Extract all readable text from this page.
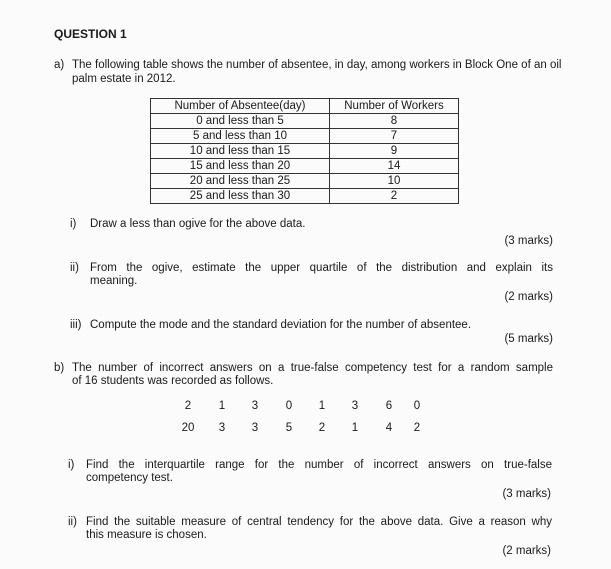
QUESTION 1
a) The following table shows the number of absentee, in day, among workers in Block One of an oil palm estate in 2012.
Number of Absentee(day)	Number of Workers
0 and less than 5	8
5 and less than 10	7
10 and less than 15	9
15 and less than 20	14
20 and less than 25	10
25 and less than 30	2
i) Draw a less than ogive for the above data.
(3 marks)
ii) From the ogive, estimate the upper quartile of the distribution and explain its
meaning.
(2 marks)
iii) Compute the mode and the standard deviation for the number of absentee.
(5 marks)
b) The number of incorrect answers on a true-false competency test for a random sample
of 16 students was recorded as follows.
2	1	3	0	1	3	6	0
20	3	3	5	2	1	4	2
i) Find the interquartile range for the number of incorrect answers on true-false
competency test.
(3 marks)
ii) Find the suitable measure of central tendency for the above data. Give a reason why
this measure is chosen.
(2 marks)
